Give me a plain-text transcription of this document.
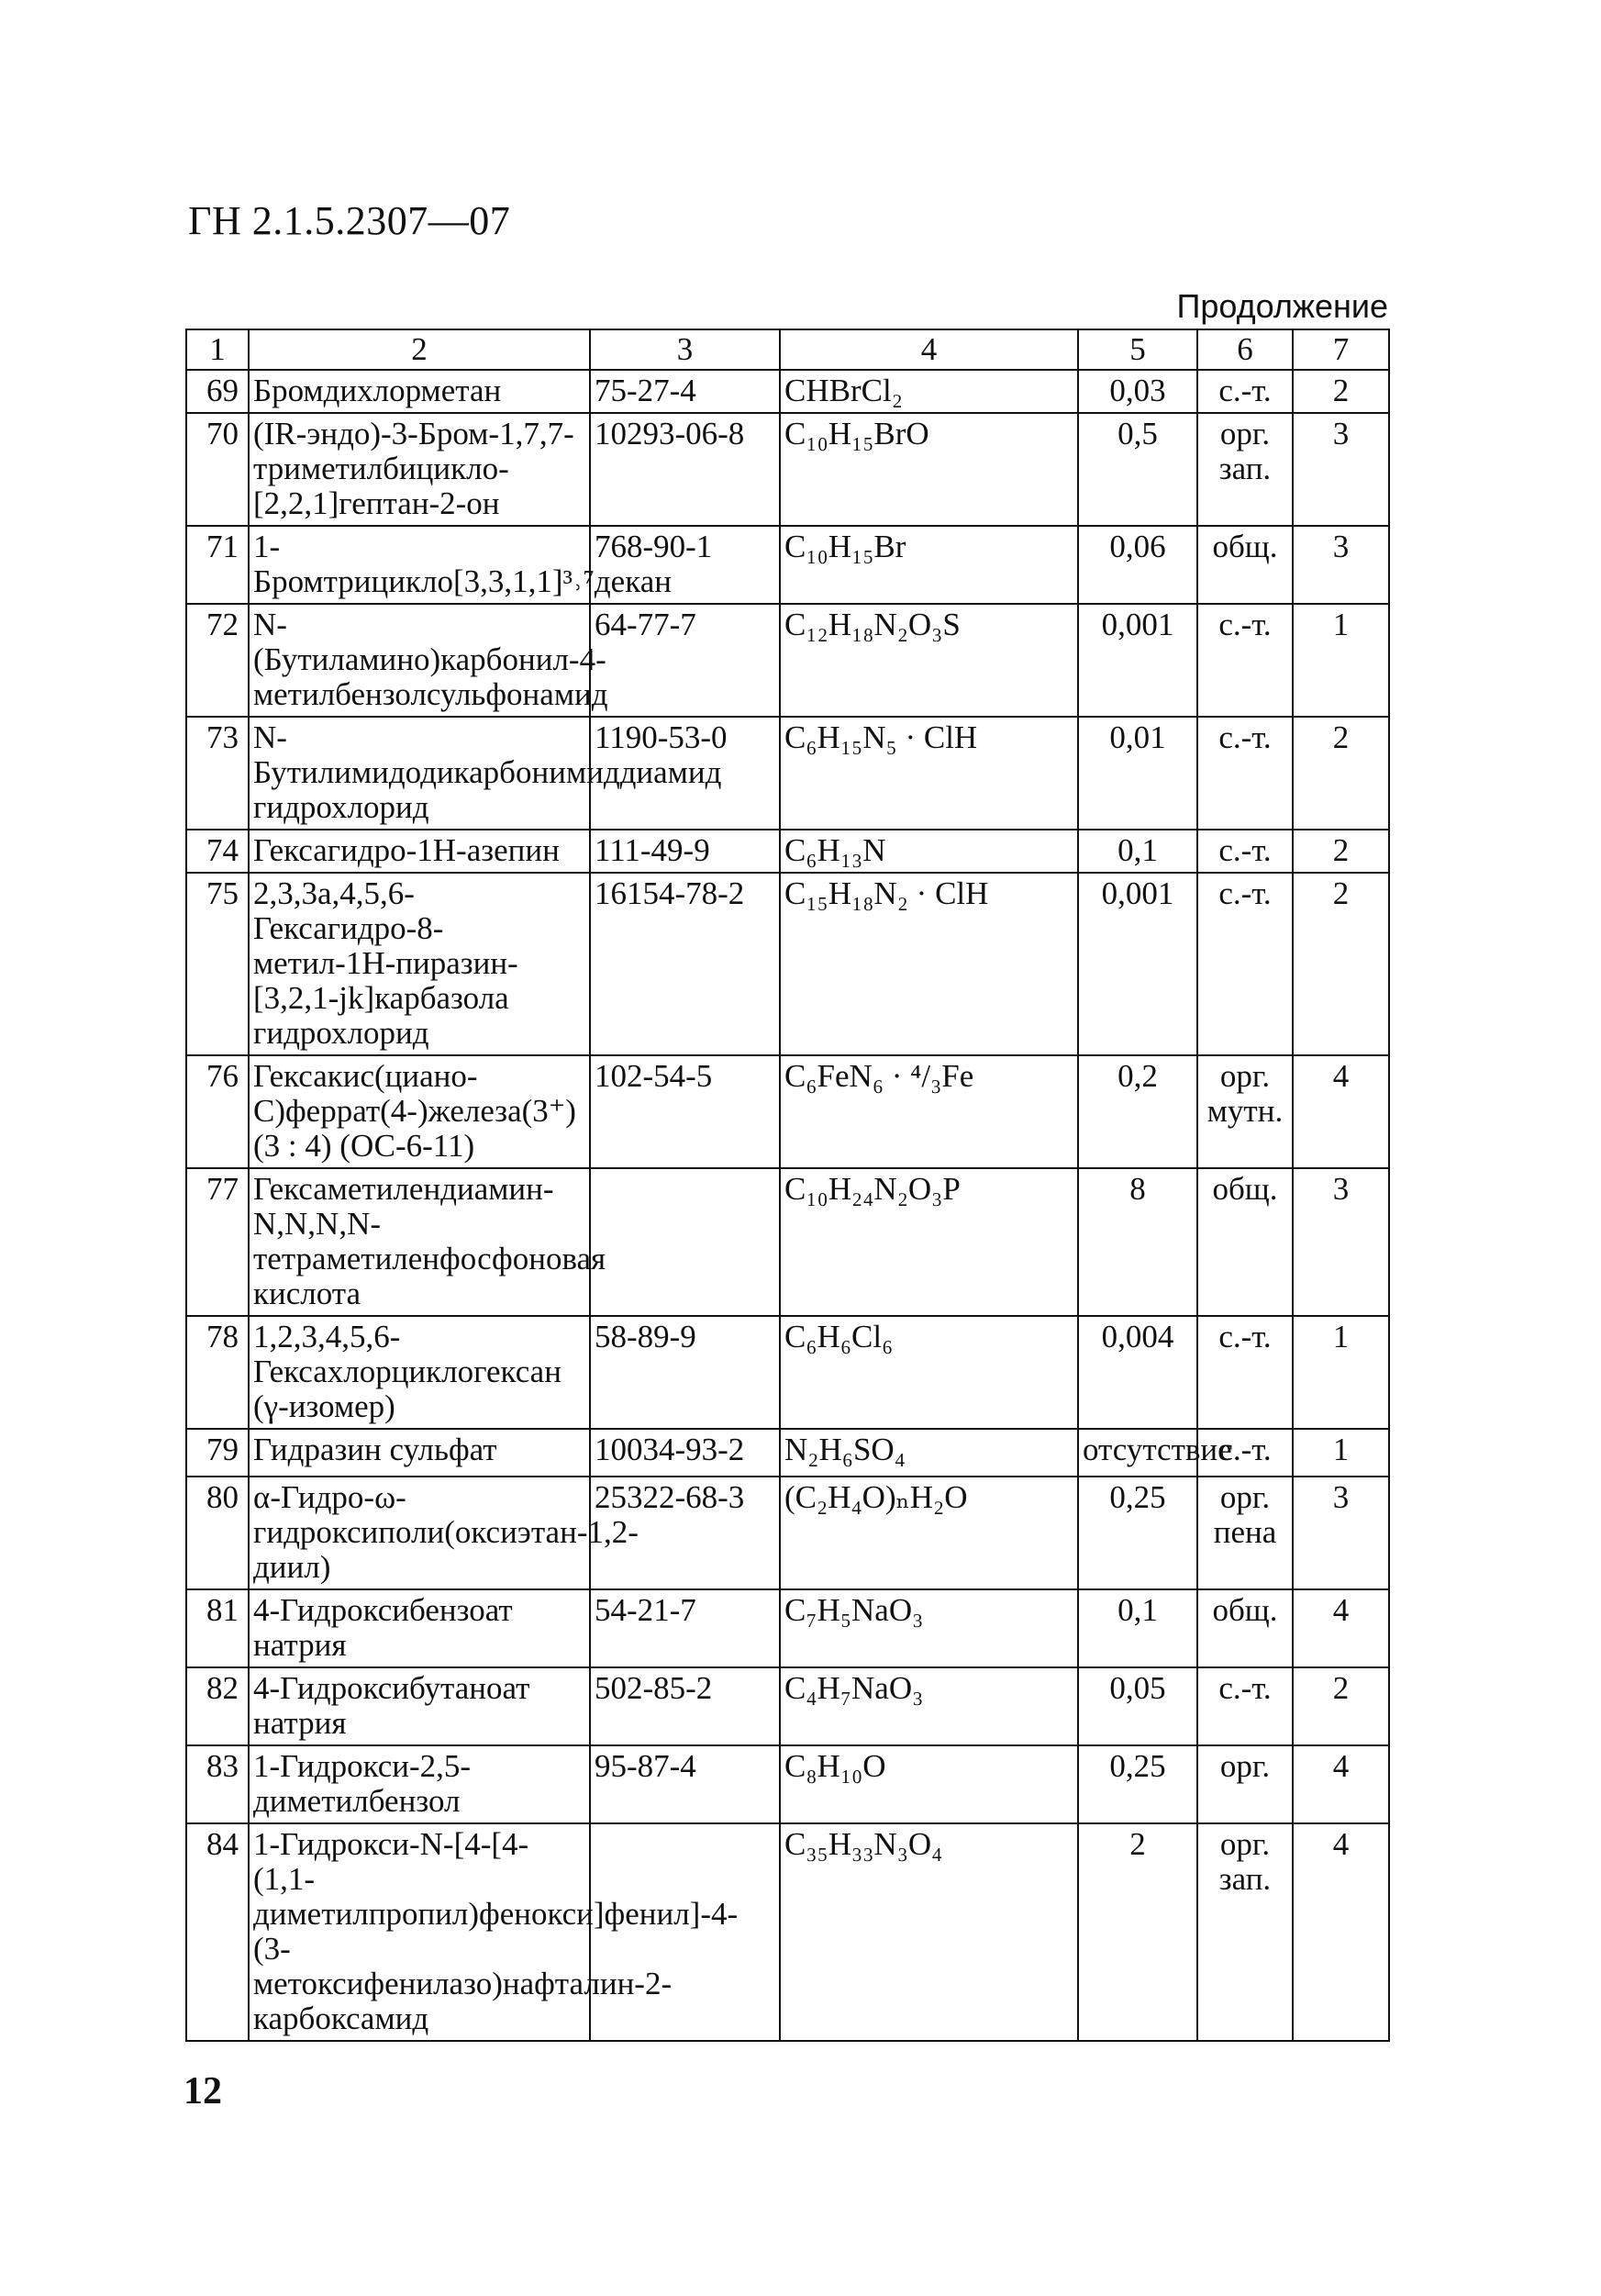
ГН 2.1.5.2307—07
Продолжение
1	2	3	4	5	6	7
69	Бромдихлорметан	75-27-4	CHBrCl₂	0,03	с.-т.	2
70	(IR-эндо)-3-Бром-1,7,7-триметилбицикло-[2,2,1]гептан-2-он	10293-06-8	C₁₀H₁₅BrO	0,5	орг. зап.	3
71	1-Бромтрицикло[3,3,1,1]³˒⁷декан	768-90-1	C₁₀H₁₅Br	0,06	общ.	3
72	N-(Бутиламино)карбонил-4-метилбензолсульфонамид	64-77-7	C₁₂H₁₈N₂O₃S	0,001	с.-т.	1
73	N-Бутилимидодикарбонимиддиамид гидрохлорид	1190-53-0	C₆H₁₅N₅ · ClH	0,01	с.-т.	2
74	Гексагидро-1H-азепин	111-49-9	C₆H₁₃N	0,1	с.-т.	2
75	2,3,3a,4,5,6-Гексагидро-8-метил-1H-пиразин-[3,2,1-jk]карбазола гидрохлорид	16154-78-2	C₁₅H₁₈N₂ · ClH	0,001	с.-т.	2
76	Гексакис(циано-C)феррат(4-)железа(3⁺) (3 : 4) (ОС-6-11)	102-54-5	C₆FeN₆ · ⁴/₃Fe	0,2	орг. мутн.	4
77	Гексаметилендиамин-N,N,N,N-тетраметиленфосфоновая кислота		C₁₀H₂₄N₂O₃P	8	общ.	3
78	1,2,3,4,5,6-Гексахлорциклогексан (γ-изомер)	58-89-9	C₆H₆Cl₆	0,004	с.-т.	1
79	Гидразин сульфат	10034-93-2	N₂H₆SO₄	отсутствие	с.-т.	1
80	α-Гидро-ω-гидроксиполи(оксиэтан-1,2-диил)	25322-68-3	(C₂H₄O)ₙH₂O	0,25	орг. пена	3
81	4-Гидроксибензоат натрия	54-21-7	C₇H₅NaO₃	0,1	общ.	4
82	4-Гидроксибутаноат натрия	502-85-2	C₄H₇NaO₃	0,05	с.-т.	2
83	1-Гидрокси-2,5-диметилбензол	95-87-4	C₈H₁₀O	0,25	орг.	4
84	1-Гидрокси-N-[4-[4-(1,1-диметилпропил)фенокси]фенил]-4-(3-метоксифенилазо)нафталин-2-карбоксамид		C₃₅H₃₃N₃O₄	2	орг. зап.	4
12
